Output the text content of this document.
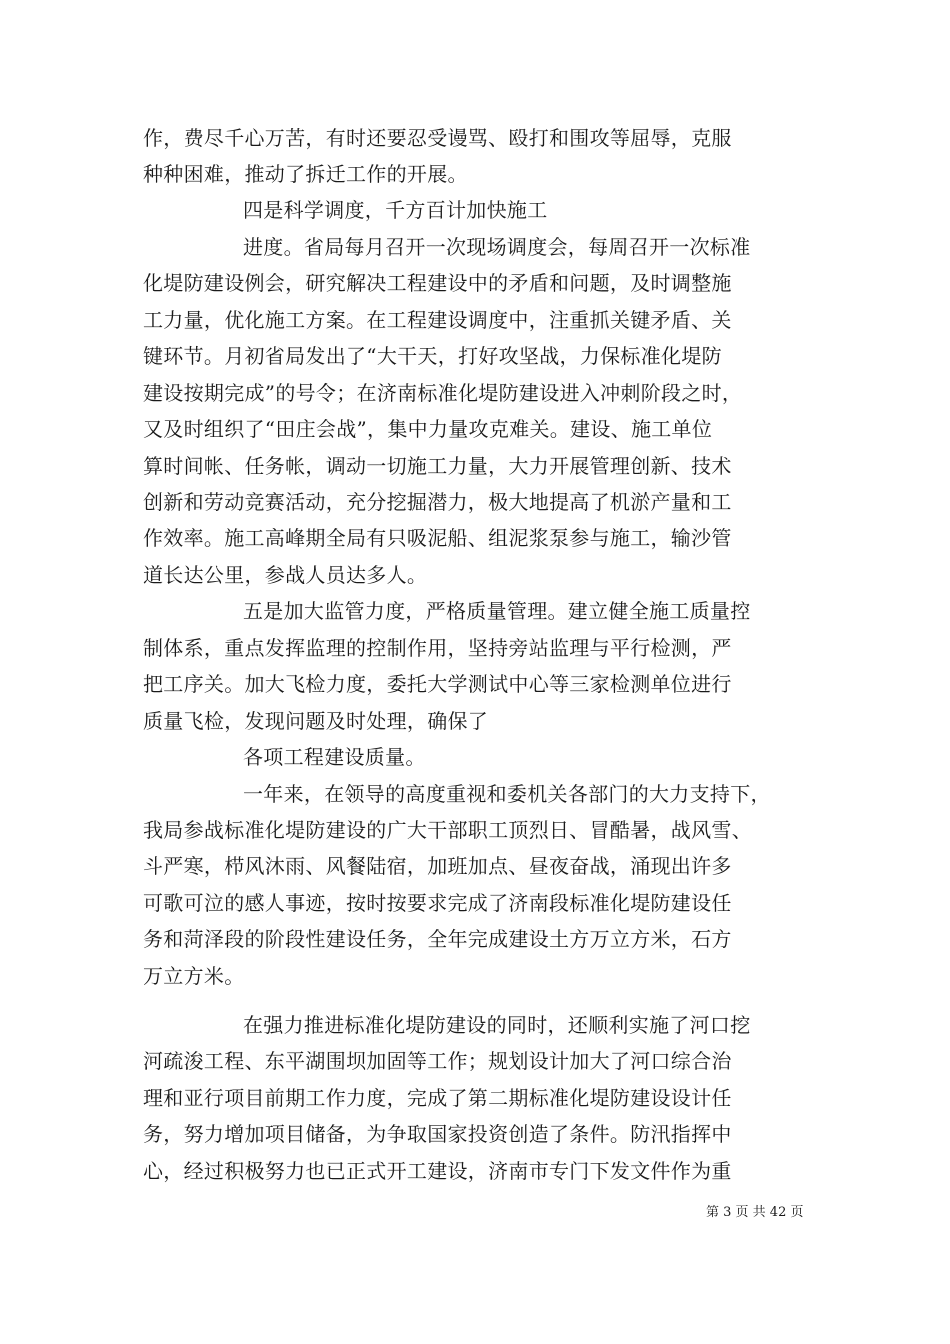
作，费尽千心万苦，有时还要忍受谩骂、殴打和围攻等屈辱，克服
种种困难，推动了拆迁工作的开展。
四是科学调度，千方百计加快施工
进度。省局每月召开一次现场调度会，每周召开一次标准
化堤防建设例会，研究解决工程建设中的矛盾和问题，及时调整施
工力量，优化施工方案。在工程建设调度中，注重抓关键矛盾、关
键环节。月初省局发出了“大干天，打好攻坚战，力保标准化堤防
建设按期完成”的号令；在济南标准化堤防建设进入冲刺阶段之时，
又及时组织了“田庄会战”，集中力量攻克难关。建设、施工单位
算时间帐、任务帐，调动一切施工力量，大力开展管理创新、技术
创新和劳动竞赛活动，充分挖掘潜力，极大地提高了机淤产量和工
作效率。施工高峰期全局有只吸泥船、组泥浆泵参与施工，输沙管
道长达公里，参战人员达多人。
五是加大监管力度，严格质量管理。建立健全施工质量控
制体系，重点发挥监理的控制作用，坚持旁站监理与平行检测，严
把工序关。加大飞检力度，委托大学测试中心等三家检测单位进行
质量飞检，发现问题及时处理，确保了
各项工程建设质量。
一年来，在领导的高度重视和委机关各部门的大力支持下，
我局参战标准化堤防建设的广大干部职工顶烈日、冒酷暑，战风雪、
斗严寒，栉风沐雨、风餐陆宿，加班加点、昼夜奋战，涌现出许多
可歌可泣的感人事迹，按时按要求完成了济南段标准化堤防建设任
务和菏泽段的阶段性建设任务，全年完成建设土方万立方米，石方
万立方米。
在强力推进标准化堤防建设的同时，还顺利实施了河口挖
河疏浚工程、东平湖围坝加固等工作；规划设计加大了河口综合治
理和亚行项目前期工作力度，完成了第二期标准化堤防建设设计任
务，努力增加项目储备，为争取国家投资创造了条件。防汛指挥中
心，经过积极努力也已正式开工建设，济南市专门下发文件作为重
第 3 页 共 42 页
